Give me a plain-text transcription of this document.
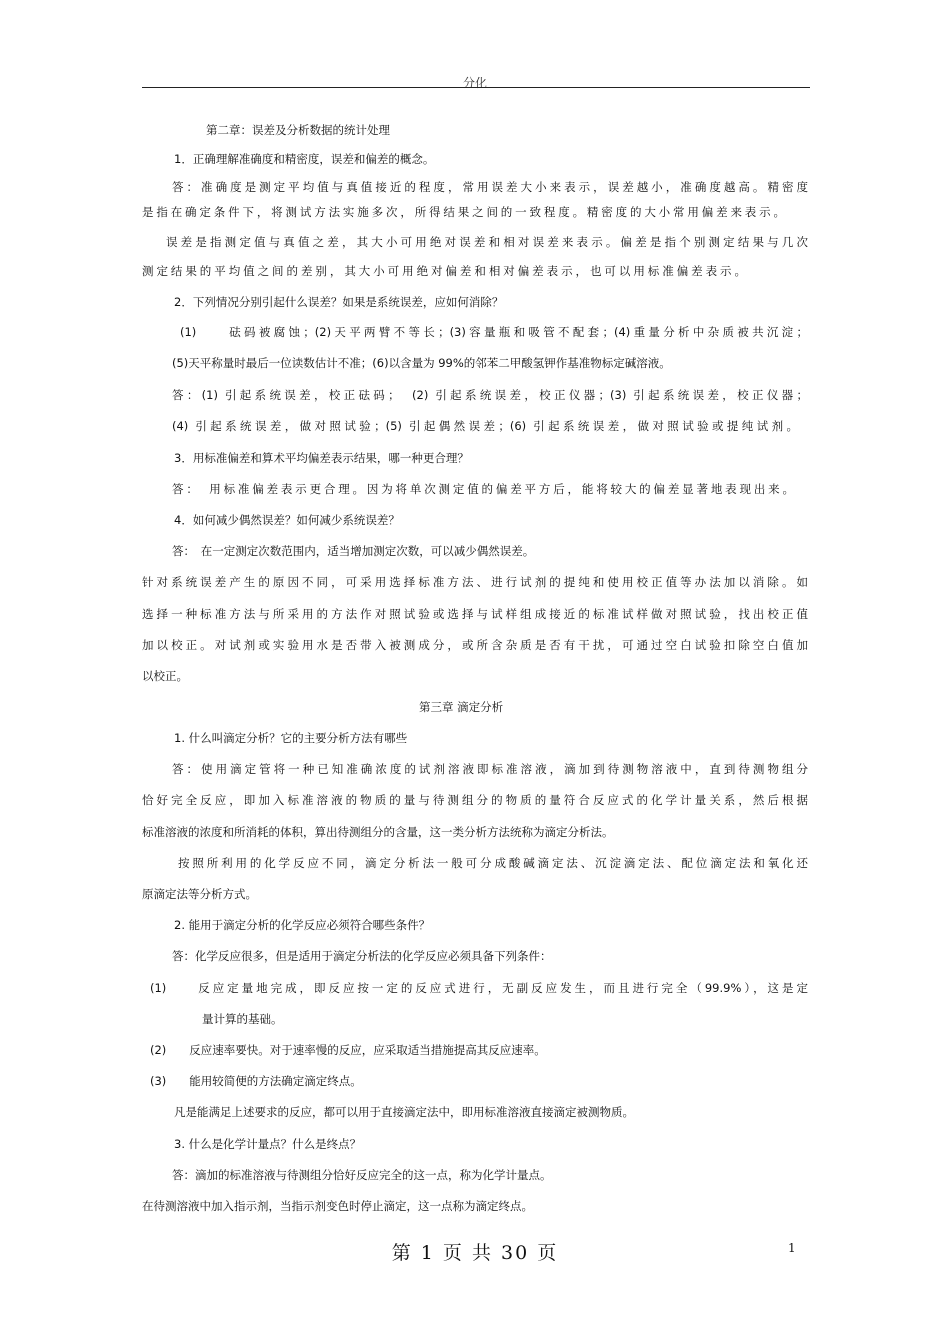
分化
第二章：误差及分析数据的统计处理
1．正确理解准确度和精密度，误差和偏差的概念。
答：准确度是测定平均值与真值接近的程度，常用误差大小来表示，误差越小，准确度越高。精密度
是指在确定条件下，将测试方法实施多次，所得结果之间的一致程度。精密度的大小常用偏差来表示。
误差是指测定值与真值之差，其大小可用绝对误差和相对误差来表示。偏差是指个别测定结果与几次
测定结果的平均值之间的差别，其大小可用绝对偏差和相对偏差表示，也可以用标准偏差表示。
2．下列情况分别引起什么误差？如果是系统误差，应如何消除？
(1)　　砝码被腐蚀；(2)天平两臂不等长；(3)容量瓶和吸管不配套；(4)重量分析中杂质被共沉淀；
(5)天平称量时最后一位读数估计不准；(6)以含量为 99%的邻苯二甲酸氢钾作基准物标定碱溶液。
答：(1) 引起系统误差，校正砝码；　(2) 引起系统误差，校正仪器；(3) 引起系统误差，校正仪器；
(4) 引起系统误差，做对照试验；(5) 引起偶然误差；(6) 引起系统误差，做对照试验或提纯试剂。
3．用标准偏差和算术平均偏差表示结果，哪一种更合理？
答：　用标准偏差表示更合理。因为将单次测定值的偏差平方后，能将较大的偏差显著地表现出来。
4．如何减少偶然误差？如何减少系统误差？
答：　在一定测定次数范围内，适当增加测定次数，可以减少偶然误差。
针对系统误差产生的原因不同，可采用选择标准方法、进行试剂的提纯和使用校正值等办法加以消除。如
选择一种标准方法与所采用的方法作对照试验或选择与试样组成接近的标准试样做对照试验，找出校正值
加以校正。对试剂或实验用水是否带入被测成分，或所含杂质是否有干扰，可通过空白试验扣除空白值加
以校正。
第三章 滴定分析
1. 什么叫滴定分析？它的主要分析方法有哪些
答：使用滴定管将一种已知准确浓度的试剂溶液即标准溶液，滴加到待测物溶液中，直到待测物组分
恰好完全反应，即加入标准溶液的物质的量与待测组分的物质的量符合反应式的化学计量关系，然后根据
标准溶液的浓度和所消耗的体积，算出待测组分的含量，这一类分析方法统称为滴定分析法。
按照所利用的化学反应不同，滴定分析法一般可分成酸碱滴定法、沉淀滴定法、配位滴定法和氧化还
原滴定法等分析方式。
2. 能用于滴定分析的化学反应必须符合哪些条件？
答：化学反应很多，但是适用于滴定分析法的化学反应必须具备下列条件：
(1)　　反应定量地完成，即反应按一定的反应式进行，无副反应发生，而且进行完全（99.9%），这是定
量计算的基础。
(2)　　反应速率要快。对于速率慢的反应，应采取适当措施提高其反应速率。
(3)　　能用较简便的方法确定滴定终点。
凡是能满足上述要求的反应，都可以用于直接滴定法中，即用标准溶液直接滴定被测物质。
3. 什么是化学计量点？什么是终点？
答：滴加的标准溶液与待测组分恰好反应完全的这一点，称为化学计量点。
在待测溶液中加入指示剂，当指示剂变色时停止滴定，这一点称为滴定终点。
第 1 页 共 30 页	1
